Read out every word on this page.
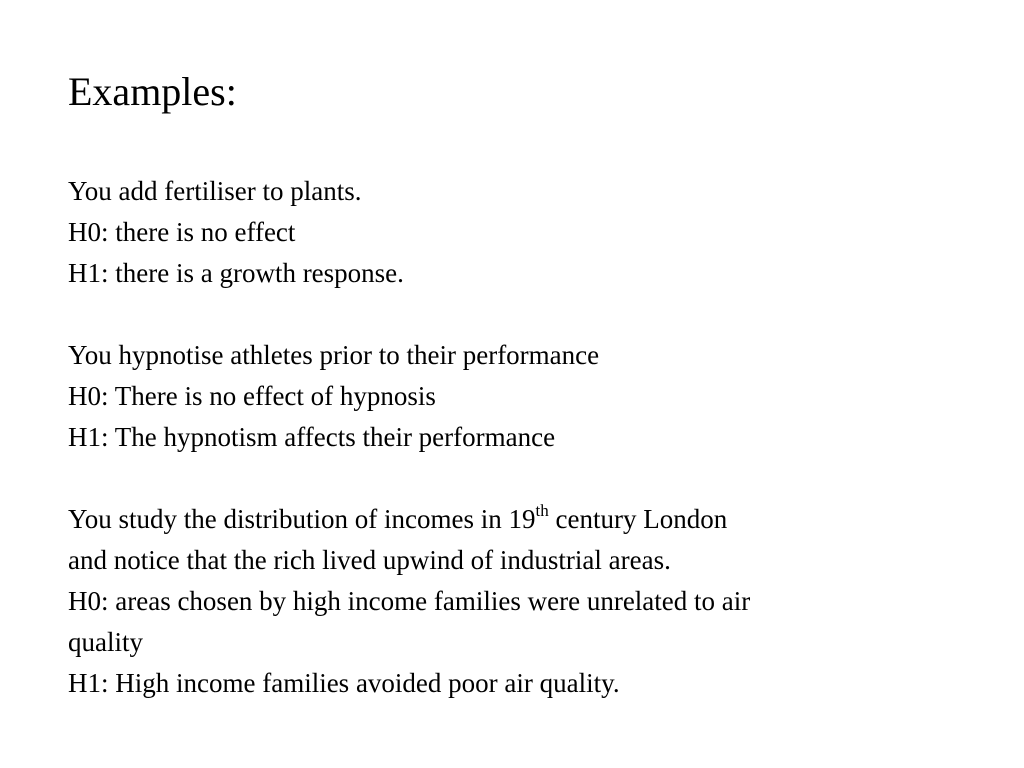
Examples:
You add fertiliser to plants.
H0: there is no effect
H1: there is a growth response.
You hypnotise athletes prior to their performance
H0: There is no effect of hypnosis
H1: The hypnotism affects their performance
You study the distribution of incomes in 19th century London
and notice that the rich lived upwind of industrial areas.
H0: areas chosen by high income families were unrelated to air
quality
H1: High income families avoided poor air quality.
